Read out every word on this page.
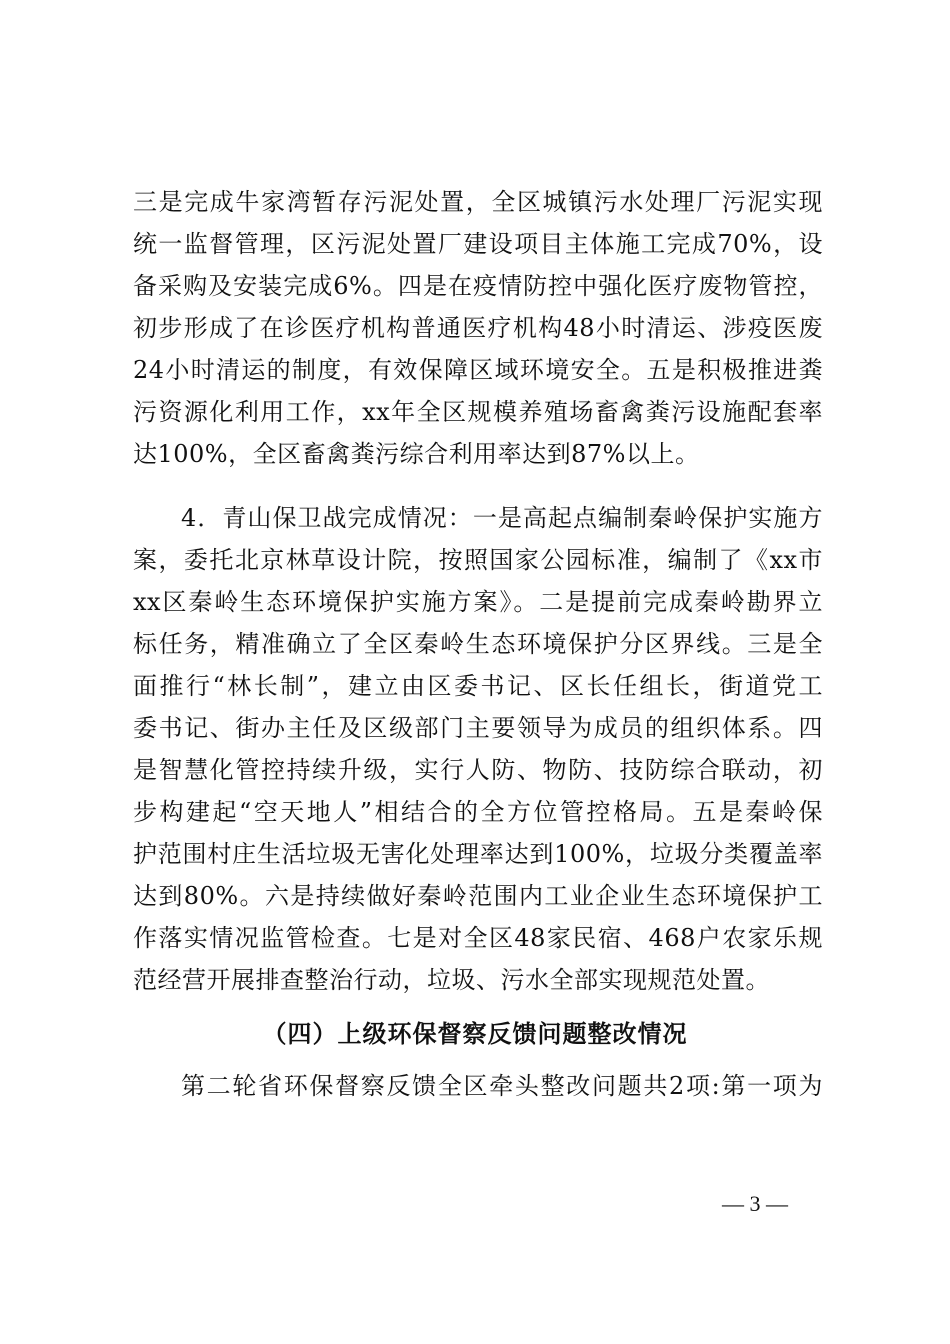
三是完成牛家湾暂存污泥处置，全区城镇污水处理厂污泥实现
统一监督管理，区污泥处置厂建设项目主体施工完成70%，设
备采购及安装完成6%。四是在疫情防控中强化医疗废物管控，
初步形成了在诊医疗机构普通医疗机构48小时清运、涉疫医废
24小时清运的制度，有效保障区域环境安全。五是积极推进粪
污资源化利用工作，xx年全区规模养殖场畜禽粪污设施配套率
达100%，全区畜禽粪污综合利用率达到87%以上。
4．青山保卫战完成情况：一是高起点编制秦岭保护实施方
案，委托北京林草设计院，按照国家公园标准，编制了《xx市
xx区秦岭生态环境保护实施方案》。二是提前完成秦岭勘界立
标任务，精准确立了全区秦岭生态环境保护分区界线。三是全
面推行“林长制”，建立由区委书记、区长任组长，街道党工
委书记、街办主任及区级部门主要领导为成员的组织体系。四
是智慧化管控持续升级，实行人防、物防、技防综合联动，初
步构建起“空天地人”相结合的全方位管控格局。五是秦岭保
护范围村庄生活垃圾无害化处理率达到100%，垃圾分类覆盖率
达到80%。六是持续做好秦岭范围内工业企业生态环境保护工
作落实情况监管检查。七是对全区48家民宿、468户农家乐规
范经营开展排查整治行动，垃圾、污水全部实现规范处置。
（四）上级环保督察反馈问题整改情况
第二轮省环保督察反馈全区牵头整改问题共2项:第一项为
— 3 —
